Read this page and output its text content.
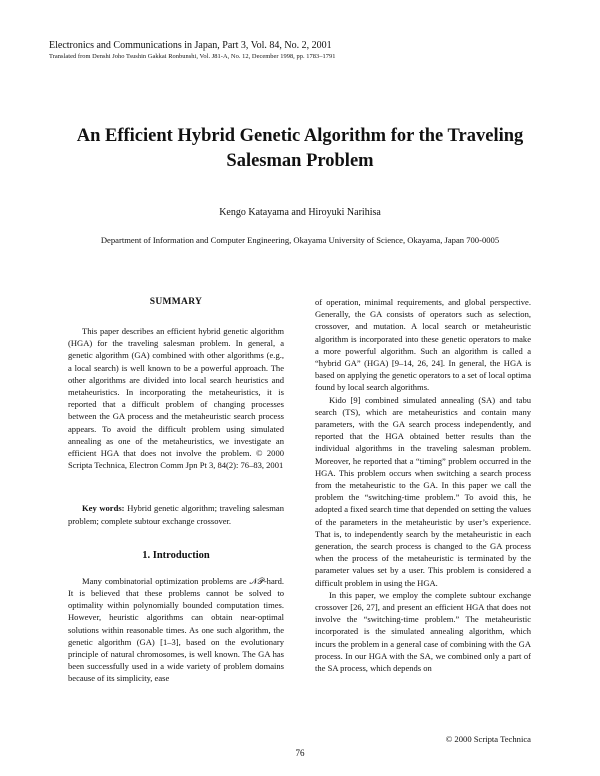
Electronics and Communications in Japan, Part 3, Vol. 84, No. 2, 2001
Translated from Denshi Joho Tsushin Gakkai Ronbunshi, Vol. J81-A, No. 12, December 1998, pp. 1783–1791
An Efficient Hybrid Genetic Algorithm for the Traveling Salesman Problem
Kengo Katayama and Hiroyuki Narihisa
Department of Information and Computer Engineering, Okayama University of Science, Okayama, Japan 700-0005
SUMMARY

This paper describes an efficient hybrid genetic algorithm (HGA) for the traveling salesman problem. In general, a genetic algorithm (GA) combined with other algorithms (e.g., a local search) is well known to be a powerful approach. The other algorithms are divided into local search heuristics and metaheuristics. In incorporating the metaheuristics, it is reported that a difficult problem of changing processes between the GA process and the metaheuristic search process appears. To avoid the difficult problem using simulated annealing as one of the metaheuristics, we investigate an efficient HGA that does not involve the problem. © 2000 Scripta Technica, Electron Comm Jpn Pt 3, 84(2): 76–83, 2001

Key words: Hybrid genetic algorithm; traveling salesman problem; complete subtour exchange crossover.

1. Introduction

Many combinatorial optimization problems are 𝒩𝒫-hard. It is believed that these problems cannot be solved to optimality within polynomially bounded computation times. However, heuristic algorithms can obtain near-optimal solutions within reasonable times. As one such algorithm, the genetic algorithm (GA) [1–3], based on the evolutionary principle of natural chromosomes, is well known. The GA has been successfully used in a wide variety of problem domains because of its simplicity, ease

of operation, minimal requirements, and global perspective. Generally, the GA consists of operators such as selection, crossover, and mutation. A local search or metaheuristic algorithm is incorporated into these genetic operators to make a more powerful algorithm. Such an algorithm is called a “hybrid GA” (HGA) [9–14, 26, 24]. In general, the HGA is based on applying the genetic operators to a set of local optima found by local search algorithms.

Kido [9] combined simulated annealing (SA) and tabu search (TS), which are metaheuristics and contain many parameters, with the GA search process independently, and reported that the HGA obtained better results than the individual algorithms in the traveling salesman problem. Moreover, he reported that a “timing” problem occurred in the HGA. This problem occurs when switching a search process from the metaheuristic to the GA. In this paper we call the problem the “switching-time problem.” To avoid this, he adopted a fixed search time that depended on setting the values of the parameters in the metaheuristic by user’s experience. That is, to independently search by the metaheuristic in each generation, the search process is changed to the GA process when the process of the metaheuristic is terminated by the parameter values set by a user. This problem is considered a difficult problem in using the HGA.

In this paper, we employ the complete subtour exchange crossover [26, 27], and present an efficient HGA that does not involve the “switching-time problem.” The metaheuristic incorporated is the simulated annealing algorithm, which incurs the problem in a general case of combining with the GA process. In our HGA with the SA, we combined only a part of the SA process, which depends on

© 2000 Scripta Technica
76
